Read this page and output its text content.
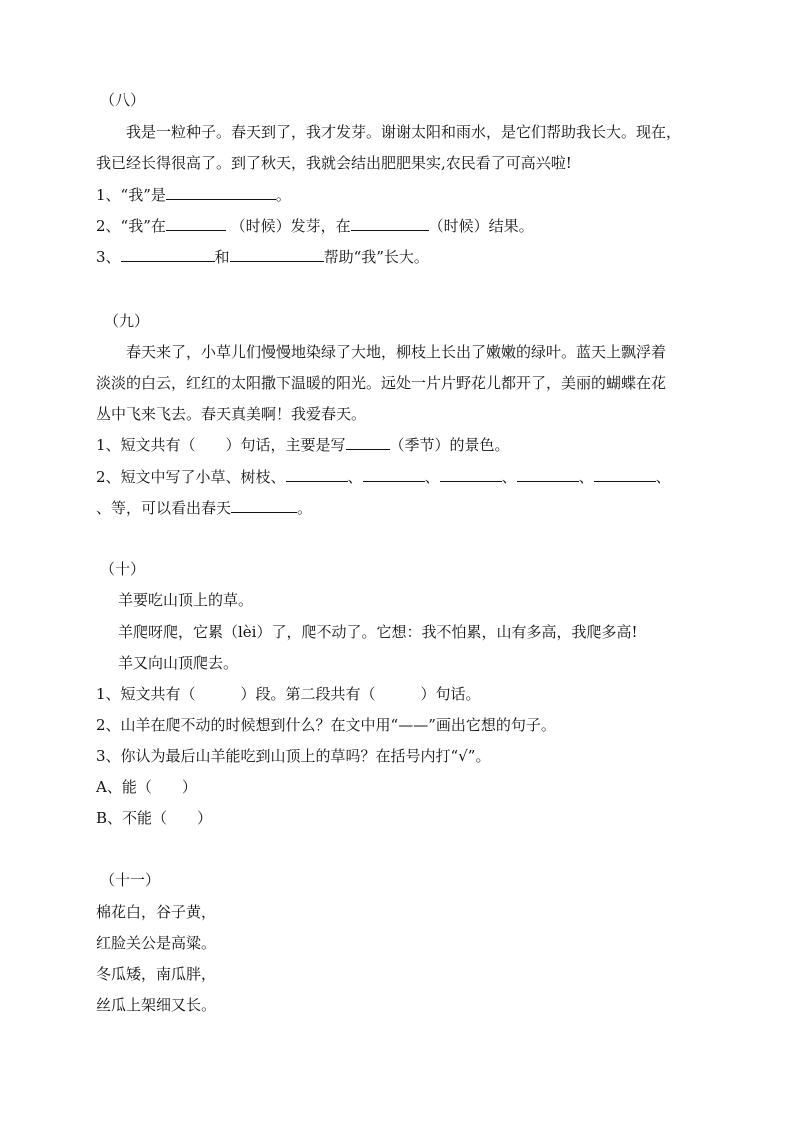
（八）
我是一粒种子。春天到了，我才发芽。谢谢太阳和雨水，是它们帮助我长大。现在，
我已经长得很高了。到了秋天，我就会结出肥肥果实,农民看了可高兴啦!
1、“我”是	。
2、“我”在	（时候）发芽，在	（时候）结果。
3、	和	帮助“我”长大。
（九）
春天来了，小草儿们慢慢地染绿了大地，柳枝上长出了嫩嫩的绿叶。蓝天上飘浮着
淡淡的白云，红红的太阳撒下温暖的阳光。远处一片片野花儿都开了，美丽的蝴蝶在花
丛中飞来飞去。春天真美啊！我爱春天。
1、短文共有（　　）句话，主要是写	（季节）的景色。
2、短文中写了小草、树枝、	、	、	、	、	、
、等，可以看出春天	。
（十）
羊要吃山顶上的草。
羊爬呀爬，它累（lèi）了，爬不动了。它想：我不怕累，山有多高，我爬多高!
羊又向山顶爬去。
1、短文共有（　　　）段。第二段共有（　　　）句话。
2、山羊在爬不动的时候想到什么？在文中用“——”画出它想的句子。
3、你认为最后山羊能吃到山顶上的草吗？在括号内打“√”。
A、能（　　）
B、不能（　　）
（十一）
棉花白，谷子黄，
红脸关公是高粱。
冬瓜矮，南瓜胖，
丝瓜上架细又长。
